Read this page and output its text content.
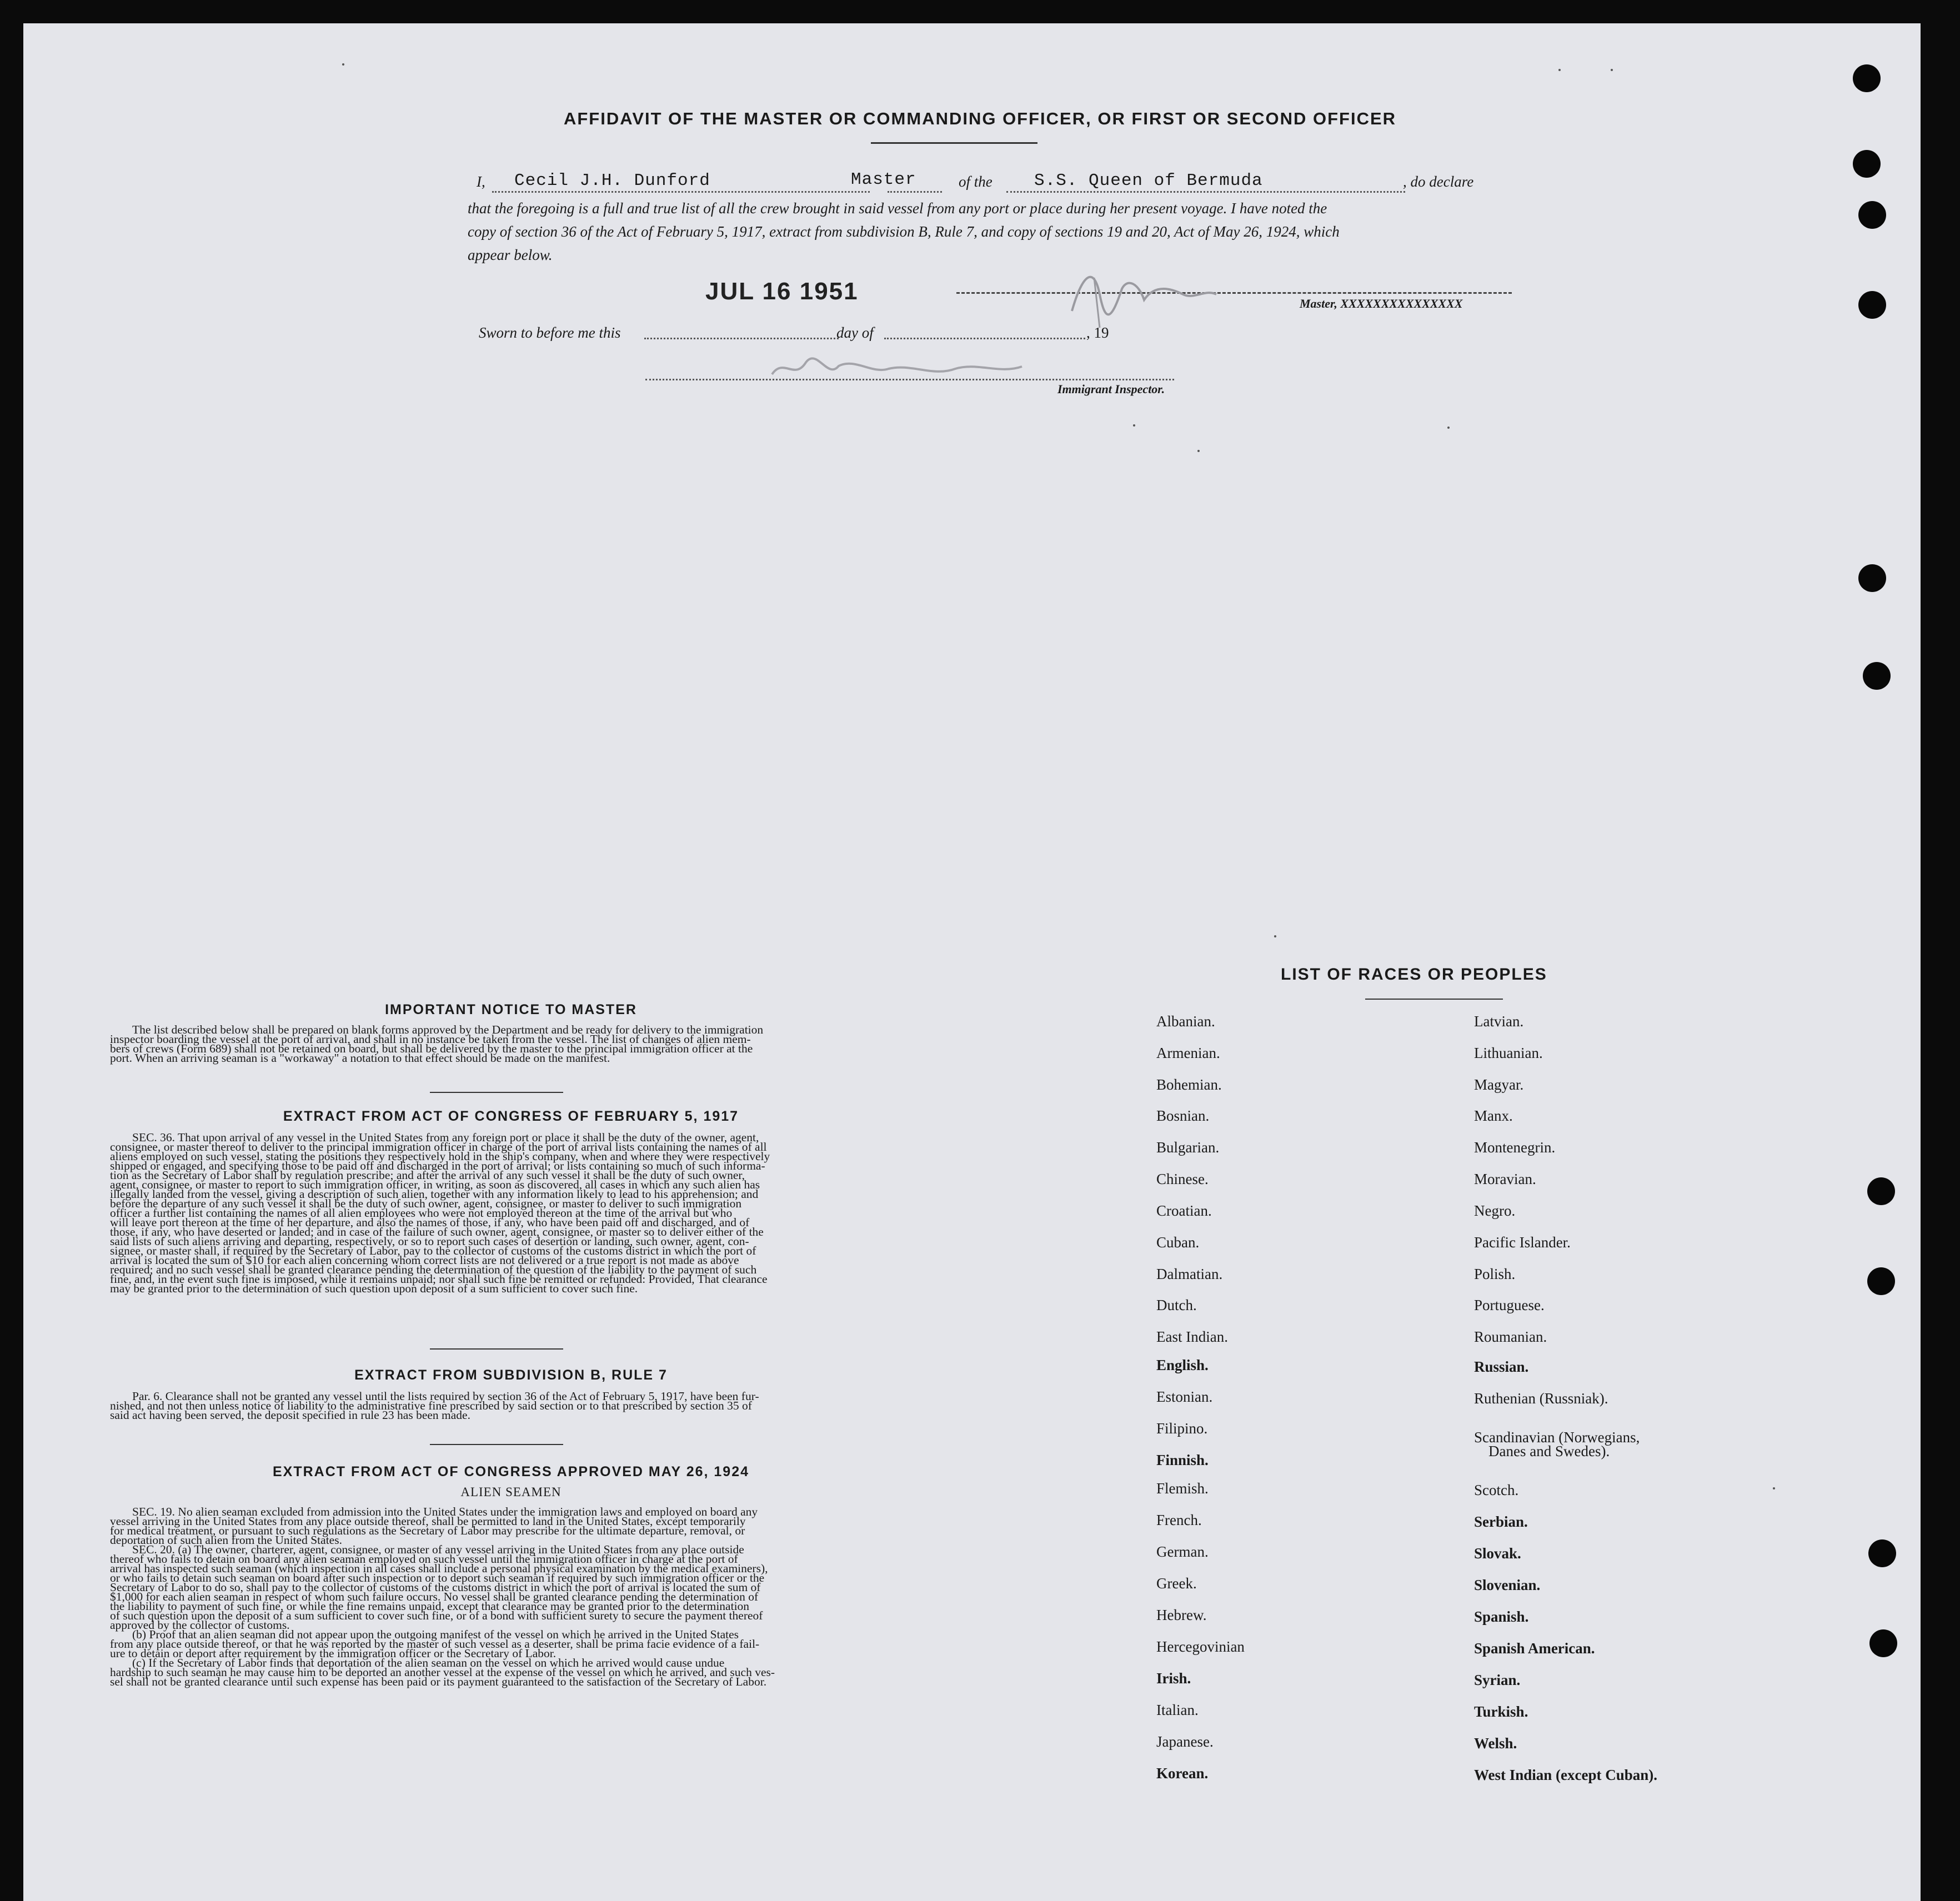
AFFIDAVIT OF THE MASTER OR COMMANDING OFFICER, OR FIRST OR SECOND OFFICER
I, Cecil J.H. Dunford	Master	of the S.S. Queen of Bermuda	, do declare
that the foregoing is a full and true list of all the crew brought in said vessel from any port or place during her present voyage. I have noted the
copy of section 36 of the Act of February 5, 1917, extract from subdivision B, Rule 7, and copy of sections 19 and 20, Act of May 26, 1924, which
appear below.
JUL 16 1951	Master, XXXXXXXXXXXXXXX
Sworn to before me this	day of	, 19
Immigrant Inspector.
IMPORTANT NOTICE TO MASTER
The list described below shall be prepared on blank forms approved by the Department and be ready for delivery to the immigration
inspector boarding the vessel at the port of arrival, and shall in no instance be taken from the vessel. The list of changes of alien mem-
bers of crews (Form 689) shall not be retained on board, but shall be delivered by the master to the principal immigration officer at the
port. When an arriving seaman is a "workaway" a notation to that effect should be made on the manifest.
EXTRACT FROM ACT OF CONGRESS OF FEBRUARY 5, 1917
SEC. 36. That upon arrival of any vessel in the United States from any foreign port or place it shall be the duty of the owner, agent,
consignee, or master thereof to deliver to the principal immigration officer in charge of the port of arrival lists containing the names of all
aliens employed on such vessel, stating the positions they respectively hold in the ship's company, when and where they were respectively
shipped or engaged, and specifying those to be paid off and discharged in the port of arrival; or lists containing so much of such informa-
tion as the Secretary of Labor shall by regulation prescribe; and after the arrival of any such vessel it shall be the duty of such owner,
agent, consignee, or master to report to such immigration officer, in writing, as soon as discovered, all cases in which any such alien has
illegally landed from the vessel, giving a description of such alien, together with any information likely to lead to his apprehension; and
before the departure of any such vessel it shall be the duty of such owner, agent, consignee, or master to deliver to such immigration
officer a further list containing the names of all alien employees who were not employed thereon at the time of the arrival but who
will leave port thereon at the time of her departure, and also the names of those, if any, who have been paid off and discharged, and of
those, if any, who have deserted or landed; and in case of the failure of such owner, agent, consignee, or master so to deliver either of the
said lists of such aliens arriving and departing, respectively, or so to report such cases of desertion or landing, such owner, agent, con-
signee, or master shall, if required by the Secretary of Labor, pay to the collector of customs of the customs district in which the port of
arrival is located the sum of $10 for each alien concerning whom correct lists are not delivered or a true report is not made as above
required; and no such vessel shall be granted clearance pending the determination of the question of the liability to the payment of such
fine, and, in the event such fine is imposed, while it remains unpaid; nor shall such fine be remitted or refunded: Provided, That clearance
may be granted prior to the determination of such question upon deposit of a sum sufficient to cover such fine.
EXTRACT FROM SUBDIVISION B, RULE 7
Par. 6. Clearance shall not be granted any vessel until the lists required by section 36 of the Act of February 5, 1917, have been fur-
nished, and not then unless notice of liability to the administrative fine prescribed by said section or to that prescribed by section 35 of
said act having been served, the deposit specified in rule 23 has been made.
EXTRACT FROM ACT OF CONGRESS APPROVED MAY 26, 1924
ALIEN SEAMEN
SEC. 19. No alien seaman excluded from admission into the United States under the immigration laws and employed on board any
vessel arriving in the United States from any place outside thereof, shall be permitted to land in the United States, except temporarily
for medical treatment, or pursuant to such regulations as the Secretary of Labor may prescribe for the ultimate departure, removal, or
deportation of such alien from the United States.
SEC. 20. (a) The owner, charterer, agent, consignee, or master of any vessel arriving in the United States from any place outside
thereof who fails to detain on board any alien seaman employed on such vessel until the immigration officer in charge at the port of
arrival has inspected such seaman (which inspection in all cases shall include a personal physical examination by the medical examiners),
or who fails to detain such seaman on board after such inspection or to deport such seaman if required by such immigration officer or the
Secretary of Labor to do so, shall pay to the collector of customs of the customs district in which the port of arrival is located the sum of
$1,000 for each alien seaman in respect of whom such failure occurs. No vessel shall be granted clearance pending the determination of
the liability to payment of such fine, or while the fine remains unpaid, except that clearance may be granted prior to the determination
of such question upon the deposit of a sum sufficient to cover such fine, or of a bond with sufficient surety to secure the payment thereof
approved by the collector of customs.
(b) Proof that an alien seaman did not appear upon the outgoing manifest of the vessel on which he arrived in the United States
from any place outside thereof, or that he was reported by the master of such vessel as a deserter, shall be prima facie evidence of a fail-
ure to detain or deport after requirement by the immigration officer or the Secretary of Labor.
(c) If the Secretary of Labor finds that deportation of the alien seaman on the vessel on which he arrived would cause undue
hardship to such seaman he may cause him to be deported an another vessel at the expense of the vessel on which he arrived, and such ves-
sel shall not be granted clearance until such expense has been paid or its payment guaranteed to the satisfaction of the Secretary of Labor.
LIST OF RACES OR PEOPLES
Albanian.
Armenian.
Bohemian.
Bosnian.
Bulgarian.
Chinese.
Croatian.
Cuban.
Dalmatian.
Dutch.
East Indian.
English.
Estonian.
Filipino.
Finnish.
Flemish.
French.
German.
Greek.
Hebrew.
Hercegovinian
Irish.
Italian.
Japanese.
Korean.
Latvian.
Lithuanian.
Magyar.
Manx.
Montenegrin.
Moravian.
Negro.
Pacific Islander.
Polish.
Portuguese.
Roumanian.
Russian.
Ruthenian (Russniak).
Scandinavian (Norwegians,
Danes and Swedes).
Scotch.
Serbian.
Slovak.
Slovenian.
Spanish.
Spanish American.
Syrian.
Turkish.
Welsh.
West Indian (except Cuban).
